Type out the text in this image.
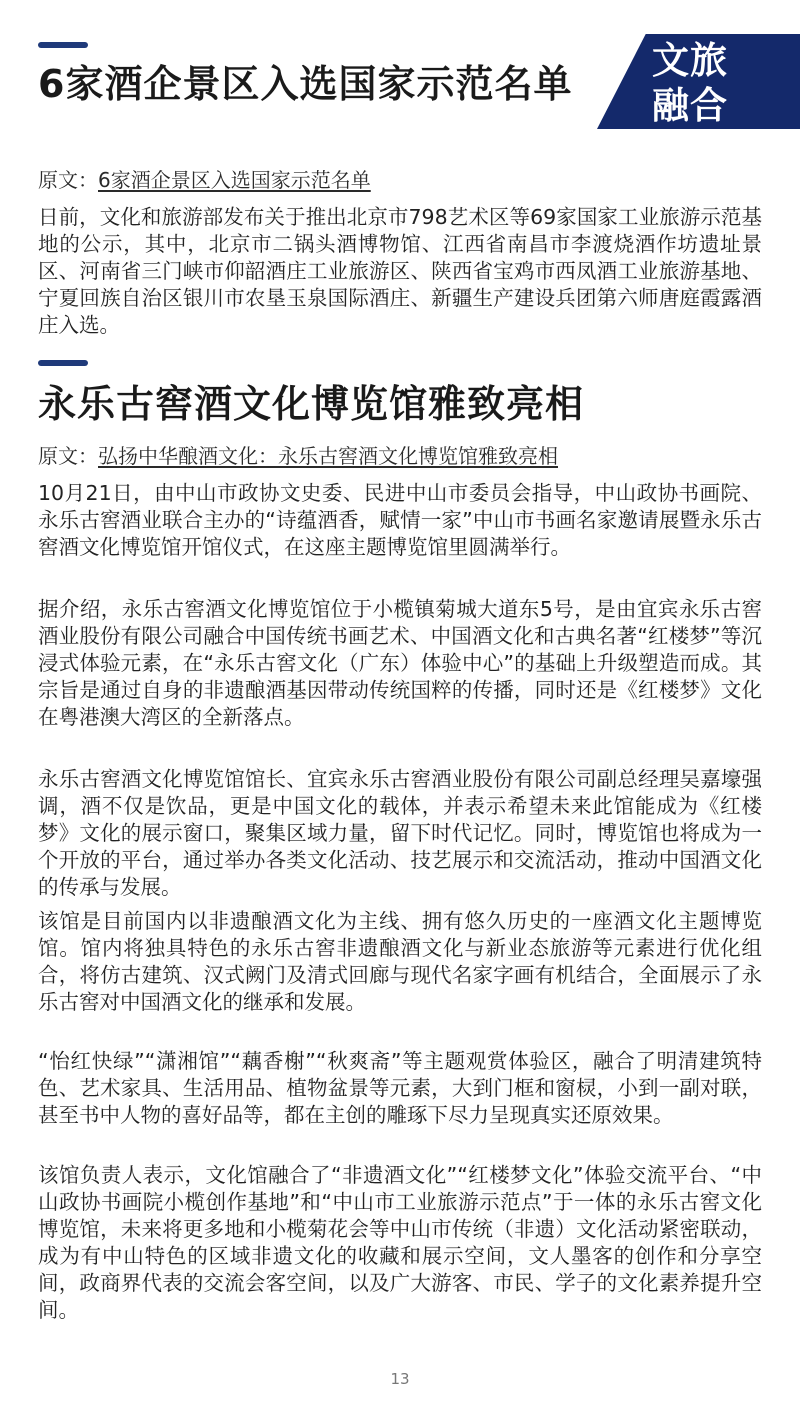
文旅
融合
6家酒企景区入选国家示范名单
原文：6家酒企景区入选国家示范名单

日前，文化和旅游部发布关于推出北京市798艺术区等69家国家工业旅游示范基地的公示，其中，北京市二锅头酒博物馆、江西省南昌市李渡烧酒作坊遗址景区、河南省三门峡市仰韶酒庄工业旅游区、陕西省宝鸡市西凤酒工业旅游基地、宁夏回族自治区银川市农垦玉泉国际酒庄、新疆生产建设兵团第六师唐庭霞露酒庄入选。

永乐古窖酒文化博览馆雅致亮相
原文：弘扬中华酿酒文化：永乐古窖酒文化博览馆雅致亮相

10月21日，由中山市政协文史委、民进中山市委员会指导，中山政协书画院、永乐古窖酒业联合主办的“诗蕴酒香，赋情一家”中山市书画名家邀请展暨永乐古窖酒文化博览馆开馆仪式，在这座主题博览馆里圆满举行。

据介绍，永乐古窖酒文化博览馆位于小榄镇菊城大道东5号，是由宜宾永乐古窖酒业股份有限公司融合中国传统书画艺术、中国酒文化和古典名著“红楼梦”等沉浸式体验元素，在“永乐古窖文化（广东）体验中心”的基础上升级塑造而成。其宗旨是通过自身的非遗酿酒基因带动传统国粹的传播，同时还是《红楼梦》文化在粤港澳大湾区的全新落点。

永乐古窖酒文化博览馆馆长、宜宾永乐古窖酒业股份有限公司副总经理吴嘉壕强调，酒不仅是饮品，更是中国文化的载体，并表示希望未来此馆能成为《红楼梦》文化的展示窗口，聚集区域力量，留下时代记忆。同时，博览馆也将成为一个开放的平台，通过举办各类文化活动、技艺展示和交流活动，推动中国酒文化的传承与发展。

该馆是目前国内以非遗酿酒文化为主线、拥有悠久历史的一座酒文化主题博览馆。馆内将独具特色的永乐古窖非遗酿酒文化与新业态旅游等元素进行优化组合，将仿古建筑、汉式阙门及清式回廊与现代名家字画有机结合，全面展示了永乐古窖对中国酒文化的继承和发展。

“怡红快绿”“潇湘馆”“藕香榭”“秋爽斋”等主题观赏体验区，融合了明清建筑特色、艺术家具、生活用品、植物盆景等元素，大到门框和窗棂，小到一副对联，甚至书中人物的喜好品等，都在主创的雕琢下尽力呈现真实还原效果。

该馆负责人表示，文化馆融合了“非遗酒文化”“红楼梦文化”体验交流平台、“中山政协书画院小榄创作基地”和“中山市工业旅游示范点”于一体的永乐古窖文化博览馆，未来将更多地和小榄菊花会等中山市传统（非遗）文化活动紧密联动，成为有中山特色的区域非遗文化的收藏和展示空间，文人墨客的创作和分享空间，政商界代表的交流会客空间，以及广大游客、市民、学子的文化素养提升空间。

13
